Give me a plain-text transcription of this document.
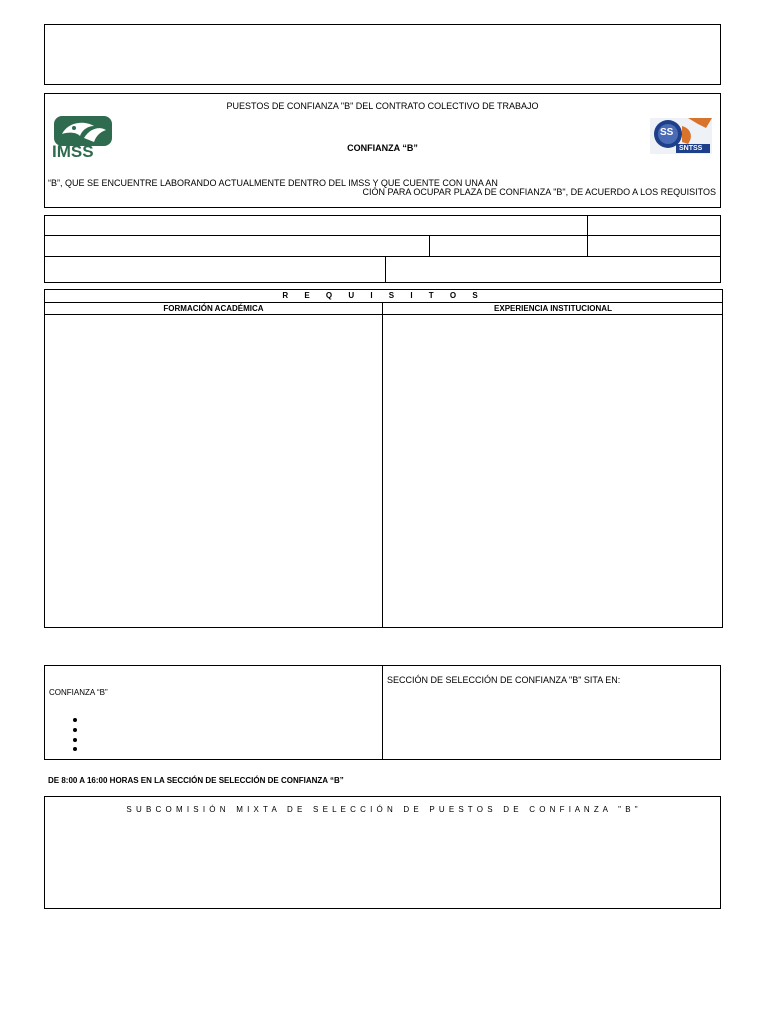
PUESTOS DE CONFIANZA "B" DEL CONTRATO COLECTIVO DE TRABAJO
IMSS	CONFIANZA “B”
SS
SNTSS
“B”, QUE SE ENCUENTRE LABORANDO ACTUALMENTE DENTRO DEL IMSS Y QUE CUENTE CON UNA AN
CIÓN PARA OCUPAR PLAZA DE CONFIANZA "B", DE ACUERDO A LOS REQUISITOS
R E Q U I S I T O S
FORMACIÓN ACADÉMICA	EXPERIENCIA INSTITUCIONAL
CONFIANZA “B”
SECCIÓN DE SELECCIÓN DE CONFIANZA "B" SITA EN:
DE 8:00 A 16:00 HORAS EN LA SECCIÓN DE SELECCIÓN DE CONFIANZA “B”
S U B C O M I S I Ó N   M I X T A   D E   S E L E C C I Ó N   D E   P U E S T O S   D E   C O N F I A N Z A   " B "
